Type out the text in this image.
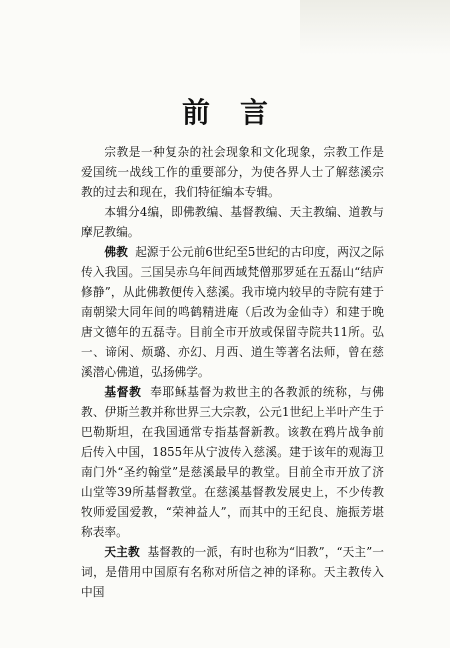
前言

宗教是一种复杂的社会现象和文化现象，宗教工作是爱国统一战线工作的重要部分，为使各界人士了解慈溪宗教的过去和现在，我们特征编本专辑。

本辑分4编，即佛教编、基督教编、天主教编、道教与摩尼教编。

佛教 起源于公元前6世纪至5世纪的古印度，两汉之际传入我国。三国吴赤乌年间西域梵僧那罗延在五磊山“结庐修静”，从此佛教便传入慈溪。我市境内较早的寺院有建于南朝梁大同年间的鸣鹤精进庵（后改为金仙寺）和建于晚唐文德年的五磊寺。目前全市开放或保留寺院共11所。弘一、谛闲、烦璐、亦幻、月西、道生等著名法师，曾在慈溪潜心佛道，弘扬佛学。

基督教 奉耶稣基督为救世主的各教派的统称，与佛教、伊斯兰教并称世界三大宗教，公元1世纪上半叶产生于巴勒斯坦，在我国通常专指基督新教。该教在鸦片战争前后传入中国，1855年从宁波传入慈溪。建于该年的观海卫南门外“圣约翰堂”是慈溪最早的教堂。目前全市开放了济山堂等39所基督教堂。在慈溪基督教发展史上，不少传教牧师爱国爱教，“荣神益人”，而其中的王纪良、施振芳堪称表率。

天主教 基督教的一派，有时也称为“旧教”，“天主”一词，是借用中国原有名称对所信之神的译称。天主教传入中国
